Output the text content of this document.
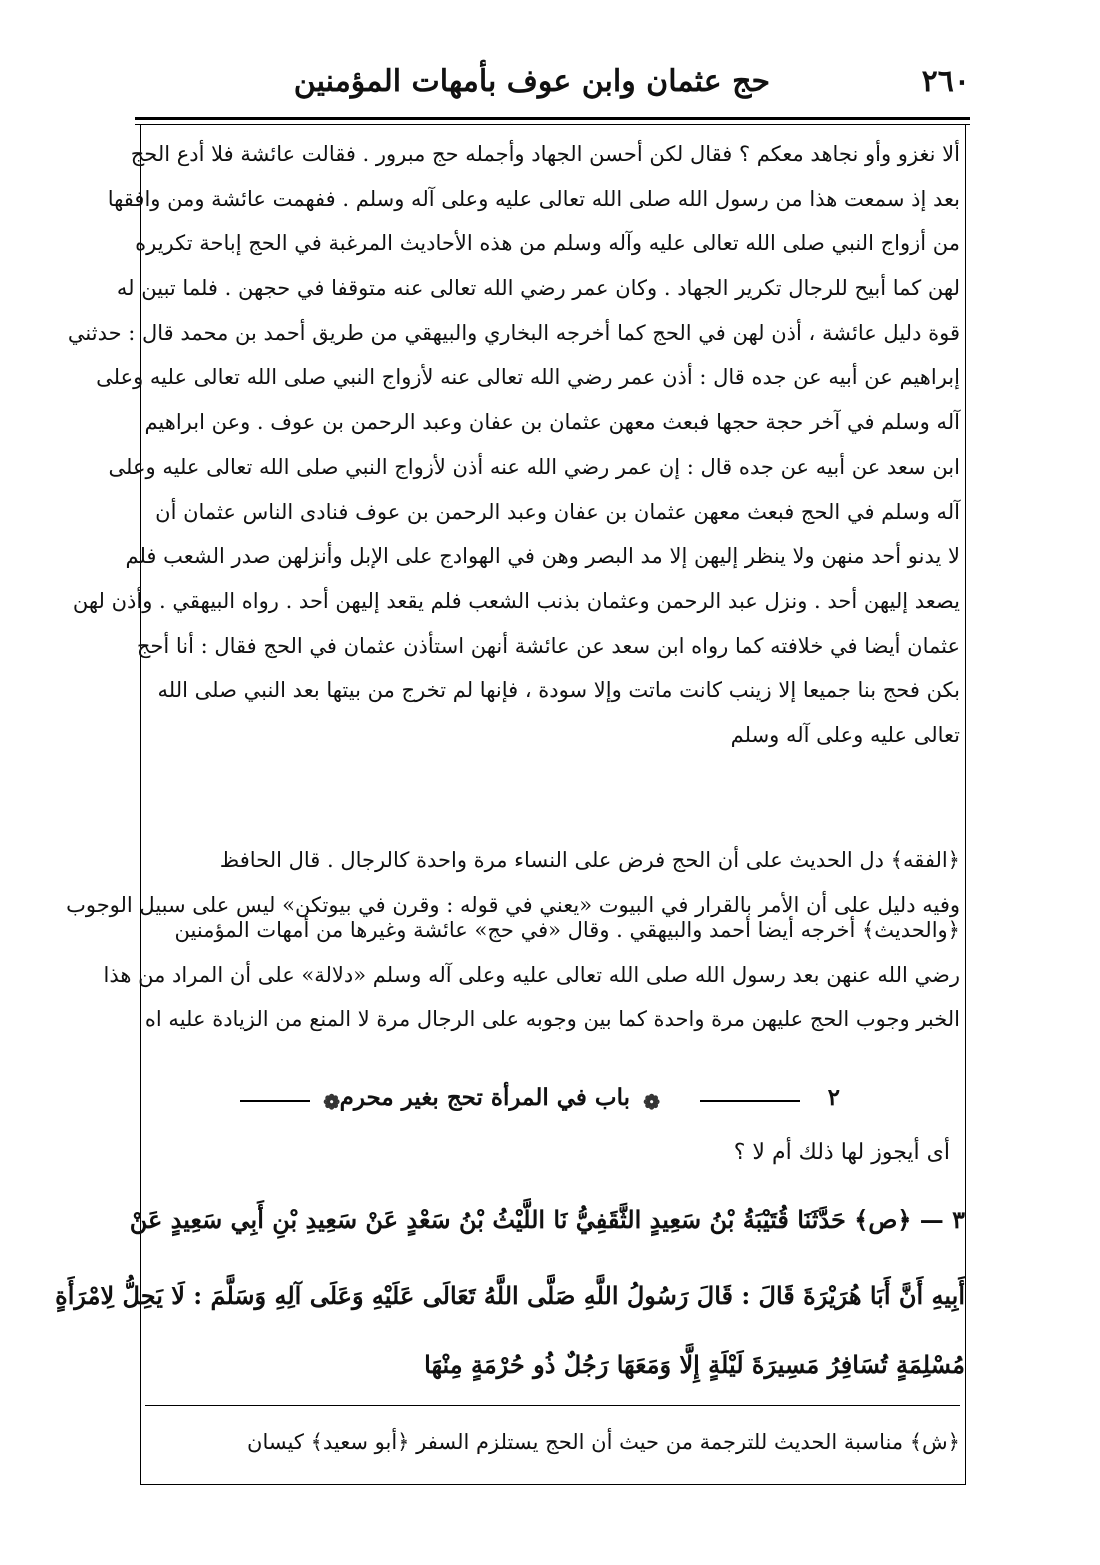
٢٦٠
حج عثمان وابن عوف بأمهات المؤمنين
ألا نغزو وأو نجاهد معكم ؟ فقال لكن أحسن الجهاد وأجمله حج مبرور . فقالت عائشة فلا أدع الحج
بعد إذ سمعت هذا من رسول الله صلى الله تعالى عليه وعلى آله وسلم . ففهمت عائشة ومن وافقها
من أزواج النبي صلى الله تعالى عليه وآله وسلم من هذه الأحاديث المرغبة في الحج إباحة تكريره
لهن كما أبيح للرجال تكرير الجهاد . وكان عمر رضي الله تعالى عنه متوقفا في حجهن . فلما تبين له
قوة دليل عائشة ، أذن لهن في الحج كما أخرجه البخاري والبيهقي من طريق أحمد بن محمد قال : حدثني
إبراهيم عن أبيه عن جده قال : أذن عمر رضي الله تعالى عنه لأزواج النبي صلى الله تعالى عليه وعلى
آله وسلم في آخر حجة حجها فبعث معهن عثمان بن عفان وعبد الرحمن بن عوف . وعن ابراهيم
ابن سعد عن أبيه عن جده قال : إن عمر رضي الله عنه أذن لأزواج النبي صلى الله تعالى عليه وعلى
آله وسلم في الحج فبعث معهن عثمان بن عفان وعبد الرحمن بن عوف فنادى الناس عثمان أن
لا يدنو أحد منهن ولا ينظر إليهن إلا مد البصر وهن في الهوادج على الإبل وأنزلهن صدر الشعب فلم
يصعد إليهن أحد . ونزل عبد الرحمن وعثمان بذنب الشعب فلم يقعد إليهن أحد . رواه البيهقي . وأذن لهن
عثمان أيضا في خلافته كما رواه ابن سعد عن عائشة أنهن استأذن عثمان في الحج فقال : أنا أحج
بكن فحج بنا جميعا إلا زينب كانت ماتت وإلا سودة ، فإنها لم تخرج من بيتها بعد النبي صلى الله
تعالى عليه وعلى آله وسلم
﴿الفقه﴾ دل الحديث على أن الحج فرض على النساء مرة واحدة كالرجال . قال الحافظ
وفيه دليل على أن الأمر بالقرار في البيوت «يعني في قوله : وقرن في بيوتكن» ليس على سبيل الوجوب
﴿والحديث﴾ أخرجه أيضا أحمد والبيهقي . وقال «في حج» عائشة وغيرها من أمهات المؤمنين
رضي الله عنهن بعد رسول الله صلى الله تعالى عليه وعلى آله وسلم «دلالة» على أن المراد من هذا
الخبر وجوب الحج عليهن مرة واحدة كما بين وجوبه على الرجال مرة لا المنع من الزيادة عليه اه
٢
❁
باب في المرأة تحج بغير محرم
❁
أى أيجوز لها ذلك أم لا ؟
٣ — ﴿ص﴾ حَدَّثَنَا قُتَيْبَةُ بْنُ سَعِيدٍ الثَّقَفِيُّ نَا اللَّيْثُ بْنُ سَعْدٍ عَنْ سَعِيدِ بْنِ أَبِي سَعِيدٍ عَنْ
أَبِيهِ أَنَّ أَبَا هُرَيْرَةَ قَالَ : قَالَ رَسُولُ اللَّهِ صَلَّى اللَّهُ تَعَالَى عَلَيْهِ وَعَلَى آلِهِ وَسَلَّمَ : لَا يَحِلُّ لِامْرَأَةٍ
مُسْلِمَةٍ تُسَافِرُ مَسِيرَةَ لَيْلَةٍ إِلَّا وَمَعَهَا رَجُلٌ ذُو حُرْمَةٍ مِنْهَا
﴿ش﴾ مناسبة الحديث للترجمة من حيث أن الحج يستلزم السفر ﴿أبو سعيد﴾ كيسان
